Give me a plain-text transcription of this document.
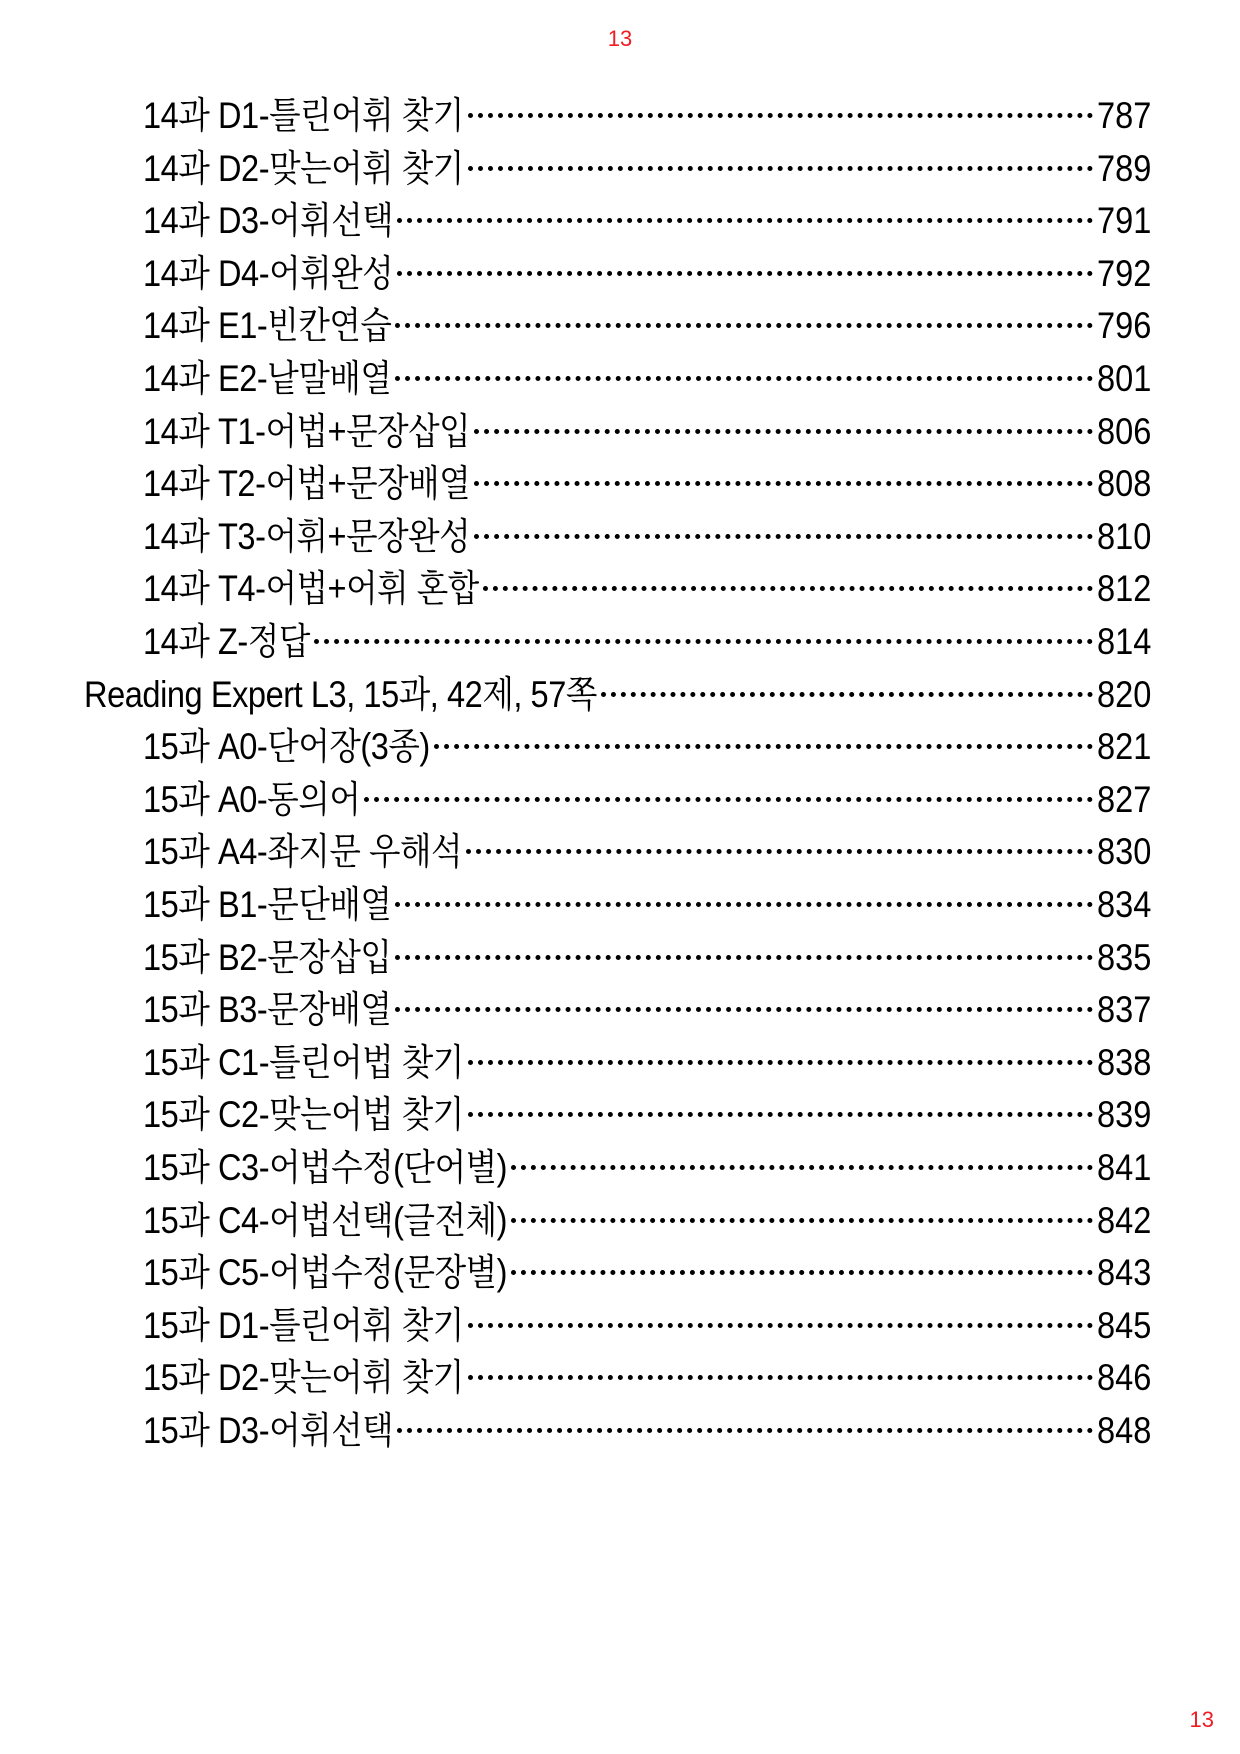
13
14과 D1-틀린어휘 찾기	787
14과 D2-맞는어휘 찾기	789
14과 D3-어휘선택	791
14과 D4-어휘완성	792
14과 E1-빈칸연습	796
14과 E2-낱말배열	801
14과 T1-어법+문장삽입	806
14과 T2-어법+문장배열	808
14과 T3-어휘+문장완성	810
14과 T4-어법+어휘 혼합	812
14과 Z-정답	814
Reading Expert L3, 15과, 42제, 57쪽	820
15과 A0-단어장(3종)	821
15과 A0-동의어	827
15과 A4-좌지문 우해석	830
15과 B1-문단배열	834
15과 B2-문장삽입	835
15과 B3-문장배열	837
15과 C1-틀린어법 찾기	838
15과 C2-맞는어법 찾기	839
15과 C3-어법수정(단어별)	841
15과 C4-어법선택(글전체)	842
15과 C5-어법수정(문장별)	843
15과 D1-틀린어휘 찾기	845
15과 D2-맞는어휘 찾기	846
15과 D3-어휘선택	848
13
